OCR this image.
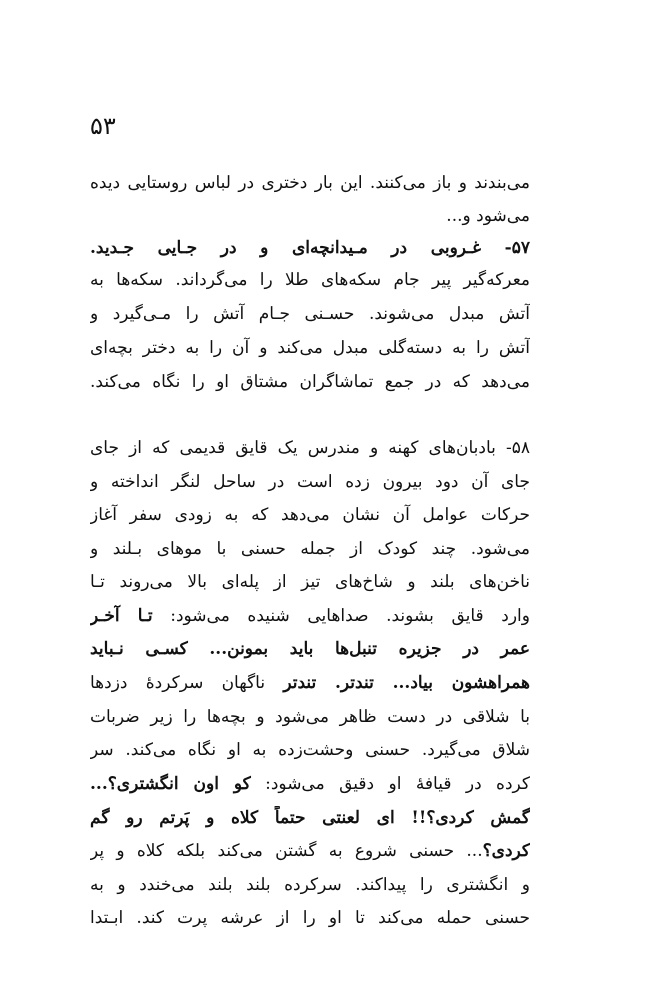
۵۳
می‌بندند و باز می‌کنند. این بار دختری در لباس روستایی دیده
می‌شود و...
۵۷- غـروبی در مـیدانچه‌ای و در جـایی جـدید.
معرکه‌گیر پیر جام سکه‌های طلا را می‌گرداند. سکه‌ها به
آتش مبدل می‌شوند. حسـنی جـام آتش را مـی‌گیرد و
آتش را به دسته‌گلی مبدل می‌کند و آن را به دختر بچه‌ای
می‌دهد که در جمع تماشاگران مشتاق او را نگاه می‌کند.
۵۸- بادبان‌های کهنه و مندرس یک قایق قدیمی که از جای
جای آن دود بیرون زده است در ساحل لنگر انداخته و
حرکات عوامل آن نشان می‌دهد که به زودی سفر آغاز
می‌شود. چند کودک از جمله حسنی با موهای بـلند و
ناخن‌های بلند و شاخ‌های تیز از پله‌ای بالا می‌روند تـا
وارد قایق بشوند. صداهایی شنیده می‌شود: تـا آخـر
عمر در جزیره تنبل‌ها باید بمونن... کسـی نـباید
همراهشون بیاد... تندتر. تندتر ناگهان سرکردهٔ دزدها
با شلاقی در دست ظاهر می‌شود و بچه‌ها را زیر ضربات
شلاق می‌گیرد. حسنی وحشت‌زده به او نگاه می‌کند. سر
کرده در قیافهٔ او دقیق می‌شود: کو اون انگشتری؟...
گمش کردی؟!! ای لعنتی حتماً کلاه و پَرتم رو گم
کردی؟... حسنی شروع به گشتن می‌کند بلکه کلاه و پر
و انگشتری را پیداکند. سرکرده بلند بلند می‌خندد و به
حسنی حمله می‌کند تا او را از عرشه پرت کند. ابـتدا
